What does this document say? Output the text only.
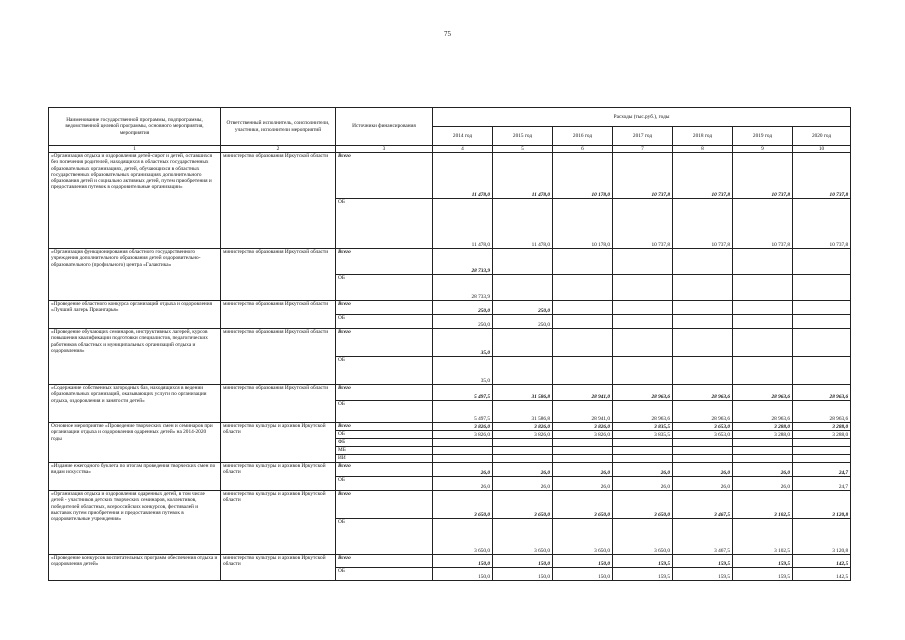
75
Наименование государственной программы, подпрограммы, ведомственной целевой программы, основного мероприятия, мероприятия	Ответственный исполнитель, соисполнители, участники, исполнители мероприятий	Источники финансирования	Расходы (тыс.руб.), годы						
			2014 год	2015 год	2016 год	2017 год	2018 год	2019 год	2020 год
1	2	3	4	5	6	7	8	9	10
«Организация отдыха и оздоровления детей-сирот и детей, оставшихся без попечения родителей, находящихся в областных государственных образовательных организациях, детей, обучающихся в областных государственных образовательных организациях дополнительного образования детей и социально активных детей, путем приобретения и предоставления путевок в оздоровительные организации»	министерство образования Иркутской области	Всего	11 478,0	11 478,0	10 178,0	10 737,8	10 737,8	10 737,8	10 737,8
		ОБ	11 478,0	11 478,0	10 178,0	10 737,8	10 737,8	10 737,8	10 737,8
«Организация функционирования областного государственного учреждения дополнительного образования детей оздоровительно-образовательного (профильного) центра «Галактика»	министерство образования Иркутской области	Всего	28 733,9						
		ОБ	28 733,9						
«Проведение областного конкурса организаций отдыха и оздоровления «Лучший лагерь Приангарья»	министерство образования Иркутской области	Всего	250,0	250,0					
		ОБ	250,0	250,0					
«Проведение обучающих семинаров, инструктивных лагерей, курсов повышения квалификации подготовки специалистов, педагогических работников областных и муниципальных организаций отдыха и оздоровления»	министерство образования Иркутской области	Всего	35,0						
		ОБ	35,0						
«Содержание собственных загородных баз, находящихся в ведении образовательных организаций, оказывающих услуги по организации отдыха, оздоровления и занятости детей»	министерство образования Иркутской области	Всего	5 497,5	31 586,8	28 941,0	28 963,6	28 963,6	28 963,6	28 963,6
		ОБ	5 497,5	31 586,8	28 941,0	28 963,6	28 963,6	28 963,6	28 963,6
Основное мероприятие «Проведение творческих смен и семинаров при организации отдыха и оздоровления одаренных детей» на 2014-2020 годы	министерство культуры и архивов Иркутской области	Всего	3 826,0	3 826,0	3 826,0	3 835,5	3 653,0	3 288,0	3 288,0
		ОБ	3 826,0	3 826,0	3 826,0	3 835,5	3 653,0	3 288,0	3 288,0
		ФБ							
		МБ							
		ИИ							
«Издание ежегодного буклета по итогам проведения творческих смен по видам искусства»	министерство культуры и архивов Иркутской области	Всего	26,0	26,0	26,0	26,0	26,0	26,0	24,7
		ОБ	26,0	26,0	26,0	26,0	26,0	26,0	24,7
«Организация отдыха и оздоровления одаренных детей, в том числе детей - участников детских творческих семинаров, коллективов, победителей областных, всероссийских конкурсов, фестивалей и выставок путем приобретения и предоставления путевок в оздоровительные учреждения»	министерство культуры и архивов Иркутской области	Всего	3 650,0	3 650,0	3 650,0	3 650,0	3 467,5	3 102,5	3 120,8
		ОБ	3 650,0	3 650,0	3 650,0	3 650,0	3 467,5	3 102,5	3 120,8
«Проведение конкурсов воспитательных программ обеспечения отдыха и оздоровления детей»	министерство культуры и архивов Иркутской области	Всего	150,0	150,0	150,0	159,5	159,5	159,5	142,5
		ОБ	150,0	150,0	150,0	159,5	159,5	159,5	142,5
